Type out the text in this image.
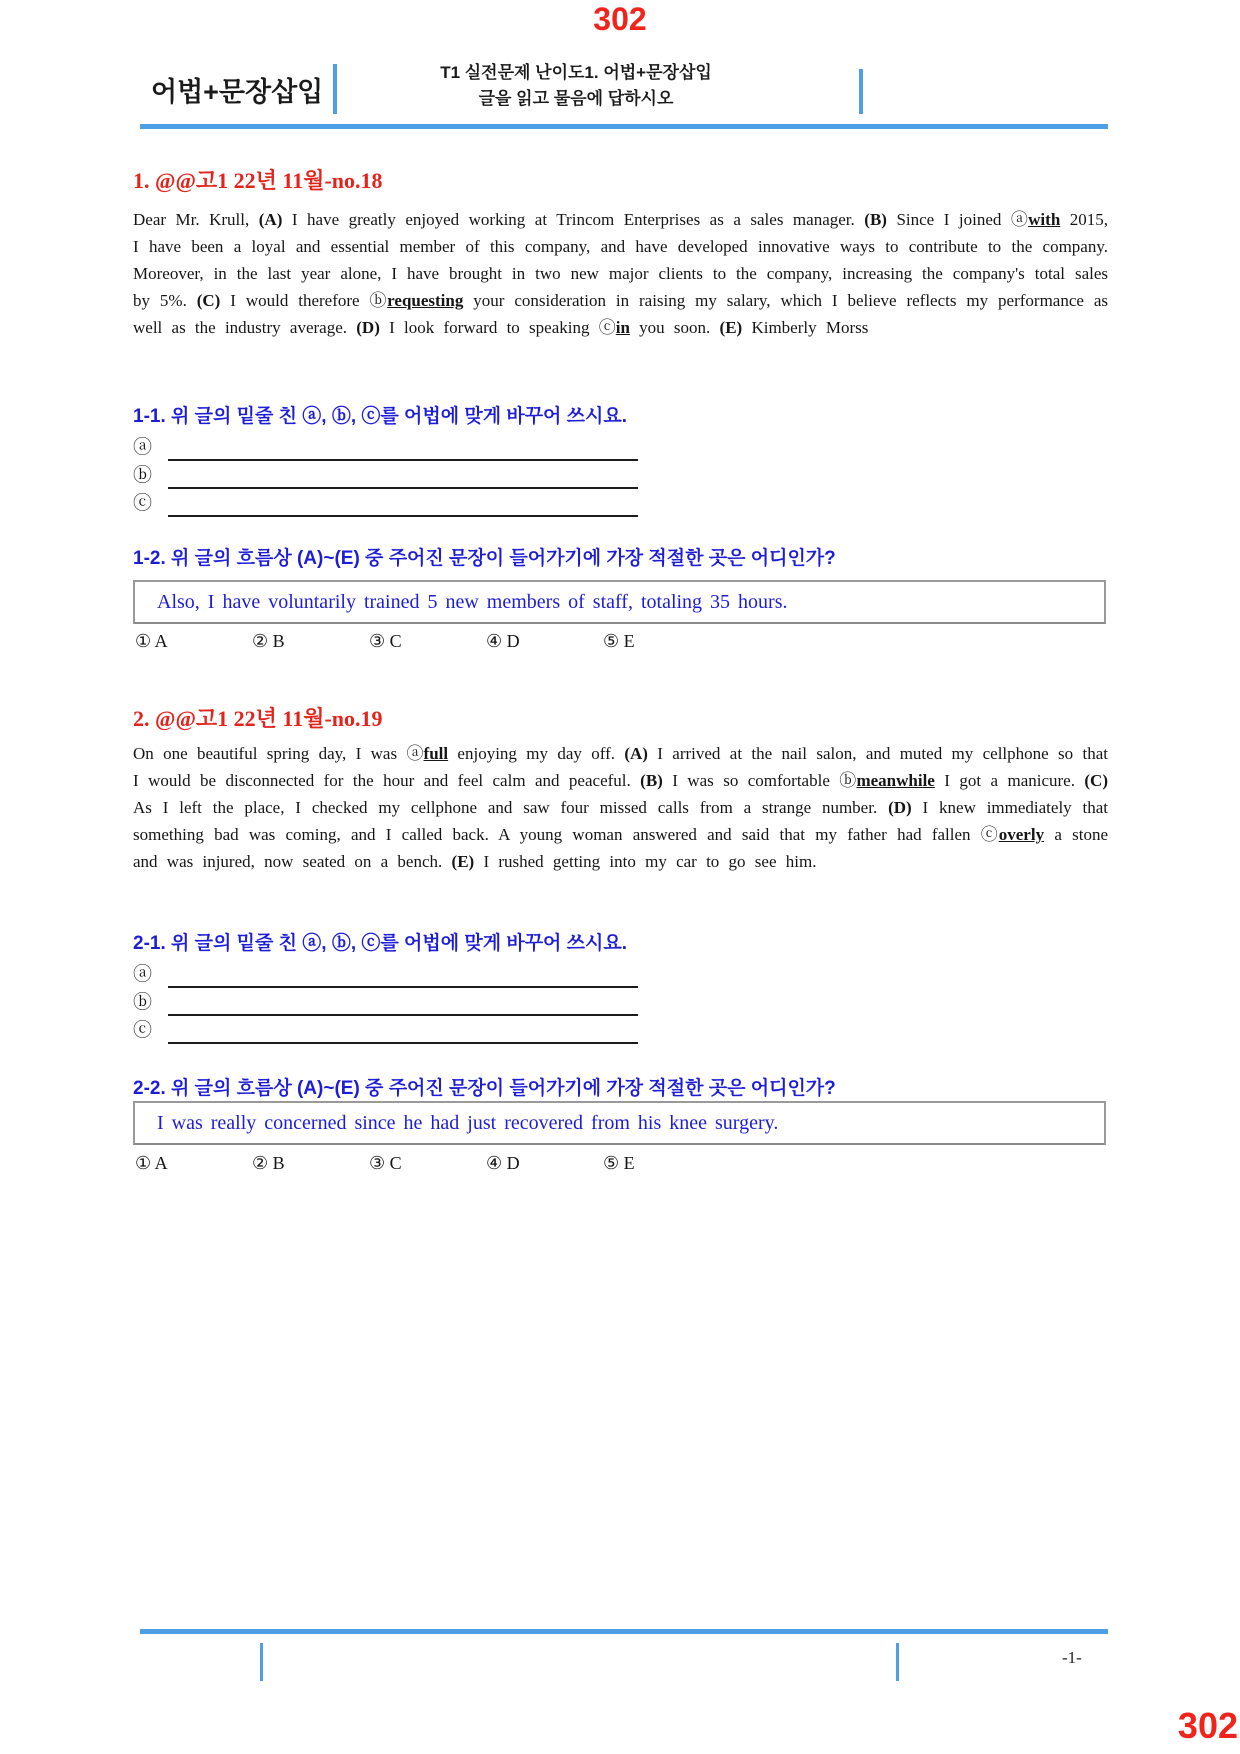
302
어법+문장삽입
T1 실전문제 난이도1. 어법+문장삽입
글을 읽고 물음에 답하시오
1. @@고1 22년 11월-no.18
Dear Mr. Krull, (A) I have greatly enjoyed working at Trincom Enterprises as a sales manager. (B) Since I joined ⓐwith 2015, I have been a loyal and essential member of this company, and have developed innovative ways to contribute to the company. Moreover, in the last year alone, I have brought in two new major clients to the company, increasing the company's total sales by 5%. (C) I would therefore ⓑrequesting your consideration in raising my salary, which I believe reflects my performance as well as the industry average. (D) I look forward to speaking ⓒin you soon. (E) Kimberly Morss
1-1. 위 글의 밑줄 친 ⓐ, ⓑ, ⓒ를 어법에 맞게 바꾸어 쓰시요.
ⓐ
ⓑ
ⓒ
1-2. 위 글의 흐름상 (A)~(E) 중 주어진 문장이 들어가기에 가장 적절한 곳은 어디인가?
Also, I have voluntarily trained 5 new members of staff, totaling 35 hours.
① A	② B	③ C	④ D	⑤ E
2. @@고1 22년 11월-no.19
On one beautiful spring day, I was ⓐfull enjoying my day off. (A) I arrived at the nail salon, and muted my cellphone so that I would be disconnected for the hour and feel calm and peaceful. (B) I was so comfortable ⓑmeanwhile I got a manicure. (C) As I left the place, I checked my cellphone and saw four missed calls from a strange number. (D) I knew immediately that something bad was coming, and I called back. A young woman answered and said that my father had fallen ⓒoverly a stone and was injured, now seated on a bench. (E) I rushed getting into my car to go see him.
2-1. 위 글의 밑줄 친 ⓐ, ⓑ, ⓒ를 어법에 맞게 바꾸어 쓰시요.
ⓐ
ⓑ
ⓒ
2-2. 위 글의 흐름상 (A)~(E) 중 주어진 문장이 들어가기에 가장 적절한 곳은 어디인가?
I was really concerned since he had just recovered from his knee surgery.
① A	② B	③ C	④ D	⑤ E
-1-
302
